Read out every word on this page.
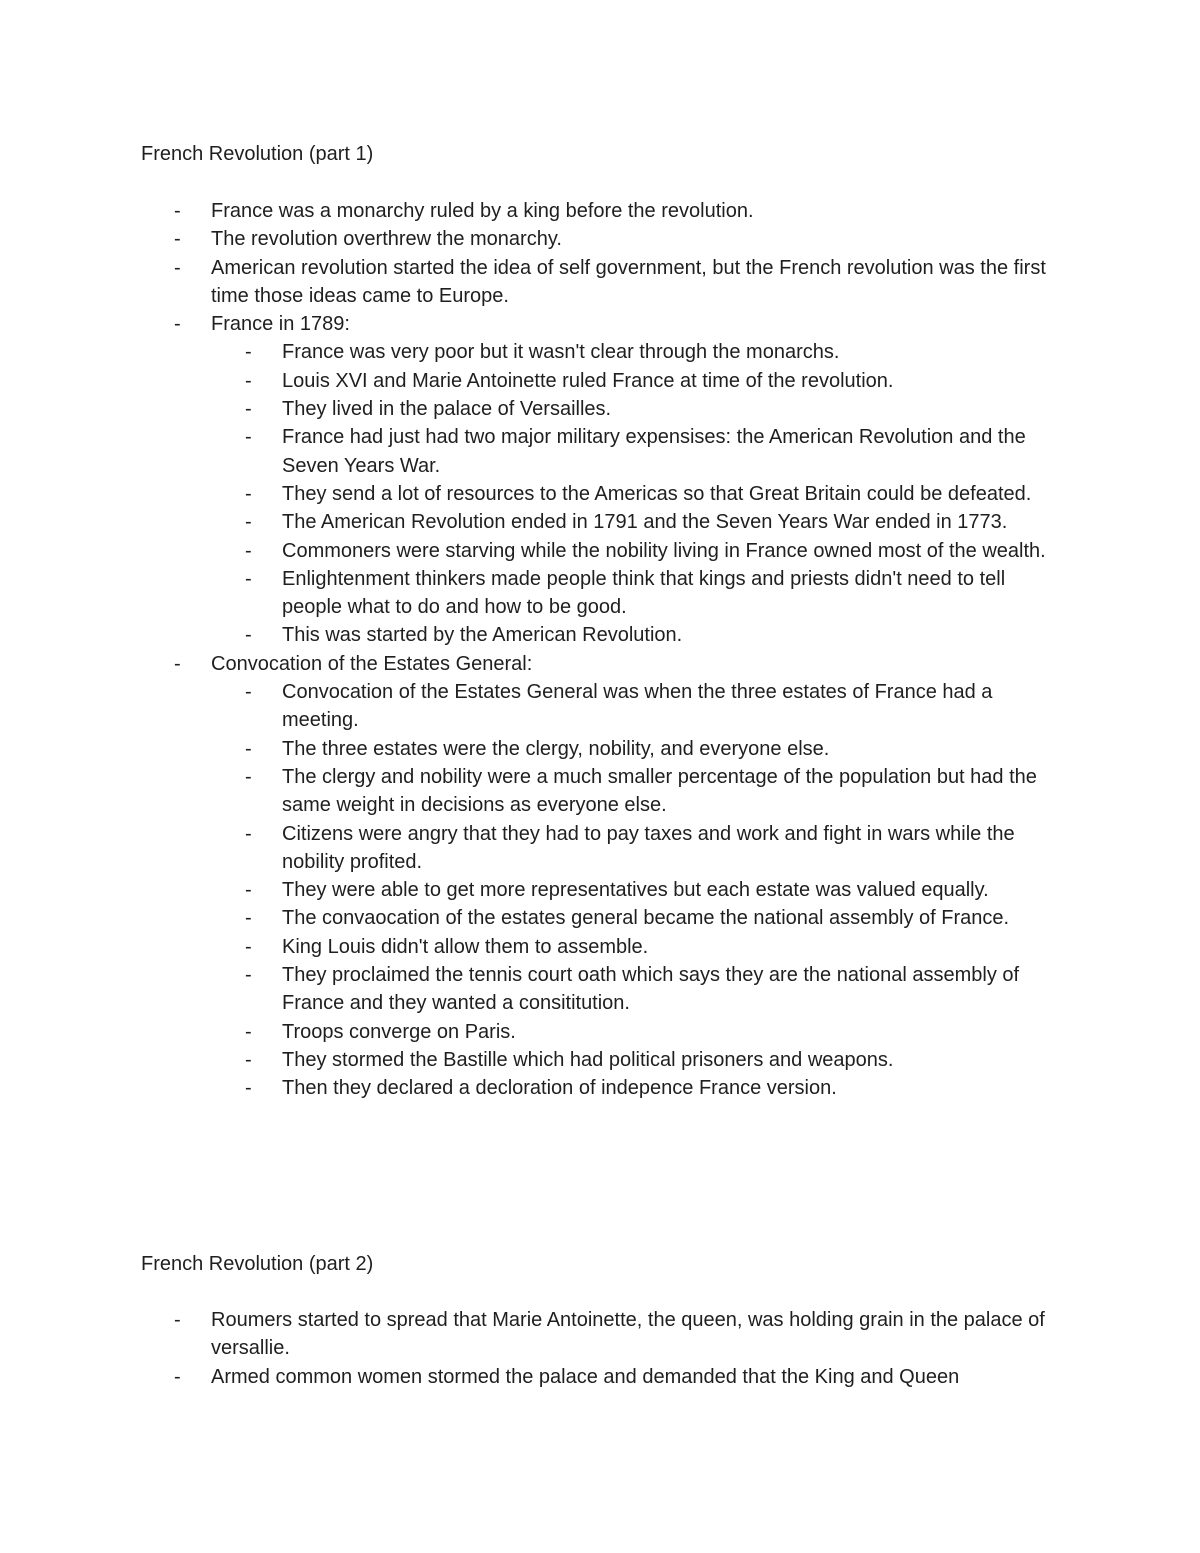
French Revolution (part 1)
- France was a monarchy ruled by a king before the revolution.
- The revolution overthrew the monarchy.
- American revolution started the idea of self government, but the French revolution was the first time those ideas came to Europe.
- France in 1789:
- France was very poor but it wasn't clear through the monarchs.
- Louis XVI and Marie Antoinette ruled France at time of the revolution.
- They lived in the palace of Versailles.
- France had just had two major military expensises: the American Revolution and the Seven Years War.
- They send a lot of resources to the Americas so that Great Britain could be defeated.
- The American Revolution ended in 1791 and the Seven Years War ended in 1773.
- Commoners were starving while the nobility living in France owned most of the wealth.
- Enlightenment thinkers made people think that kings and priests didn't need to tell people what to do and how to be good.
- This was started by the American Revolution.
- Convocation of the Estates General:
- Convocation of the Estates General was when the three estates of France had a meeting.
- The three estates were the clergy, nobility, and everyone else.
- The clergy and nobility were a much smaller percentage of the population but had the same weight in decisions as everyone else.
- Citizens were angry that they had to pay taxes and work and fight in wars while the nobility profited.
- They were able to get more representatives but each estate was valued equally.
- The convaocation of the estates general became the national assembly of France.
- King Louis didn't allow them to assemble.
- They proclaimed the tennis court oath which says they are the national assembly of France and they wanted a consititution.
- Troops converge on Paris.
- They stormed the Bastille which had political prisoners and weapons.
- Then they declared a decloration of indepence France version.
French Revolution (part 2)
- Roumers started to spread that Marie Antoinette, the queen, was holding grain in the palace of versallie.
- Armed common women stormed the palace and demanded that the King and Queen
